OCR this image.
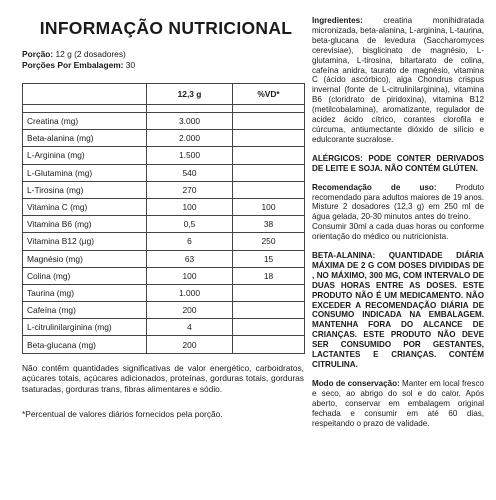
INFORMAÇÃO NUTRICIONAL
Porção: 12 g (2 dosadores)
Porções Por Embalagem: 30
	12,3 g	%VD*

Creatina (mg)	3.000	
Beta-alanina (mg)	2.000	
L-Arginina (mg)	1.500	
L-Glutamina (mg)	540	
L-Tirosina (mg)	270	
Vitamina C (mg)	100	100
Vitamina B6 (mg)	0,5	38
Vitamina B12 (μg)	6	250
Magnésio (mg)	63	15
Colina (mg)	100	18
Taurina (mg)	1.000	
Cafeína (mg)	200	
L-citrulinilarginina (mg)	4	
Beta-glucana (mg)	200	
Não contêm quantidades significativas de valor energético, carboidratos, açúcares totais, açúcares adicionados, proteínas, gorduras totais, gorduras tsaturadas, gorduras trans, fibras alimentares e sódio.
*Percentual de valores diários fornecidos pela porção.

Ingredientes:	creatina monihidratada micronizada, beta-alanina, L-arginina, L-taurina, beta-glucana de levedura (Saccharomyces cerevisiae), bisglicinato de magnésio, L-glutamina, L-tirosina, bitartarato de colina, cafeína anidra, taurato de magnésio, vitamina C (ácido ascórbico), alga Chondrus crispus invernal (fonte de L-citrulinilarginina), vitamina B6 (cloridrato de piridoxina), vitamina B12 (metilcobalamina), aromatizante, regulador de acidez ácido cítrico, corantes clorofila e cúrcuma, antiumectante dióxido de silício e edulcorante sucralose.

ALÉRGICOS: PODE CONTER DERIVADOS DE LEITE E SOJA. NÃO CONTÉM GLÚTEN.

Recomendação de uso: Produto recomendado para adultos maiores de 19 anos. Misture 2 dosadores (12,3 g) em 250 ml de água gelada, 20-30 minutos antes do treino.

Consumir 30ml a cada duas horas ou conforme orientação do médico ou nutricionista.

BETA-ALANINA: QUANTIDADE DIÁRIA MÁXIMA DE 2 G COM DOSES DIVIDIDAS DE , NO MÁXIMO, 300 MG, COM INTERVALO DE DUAS HORAS ENTRE AS DOSES. ESTE PRODUTO NÃO É UM MEDICAMENTO. NÃO EXCEDER A RECOMENDAÇÃO DIÁRIA DE CONSUMO INDICADA NA EMBALAGEM. MANTENHA FORA DO ALCANCE DE CRIANÇAS. ESTE PRODUTO NÃO DEVE SER CONSUMIDO POR GESTANTES, LACTANTES E CRIANÇAS. CONTÉM CITRULINA.

Modo de conservação: Manter em local fresco e seco, ao abrigo do sol e do calor. Após aberto, conservar em embalagem original fechada e consumir em até 60 dias, respeitando o prazo de validade.
